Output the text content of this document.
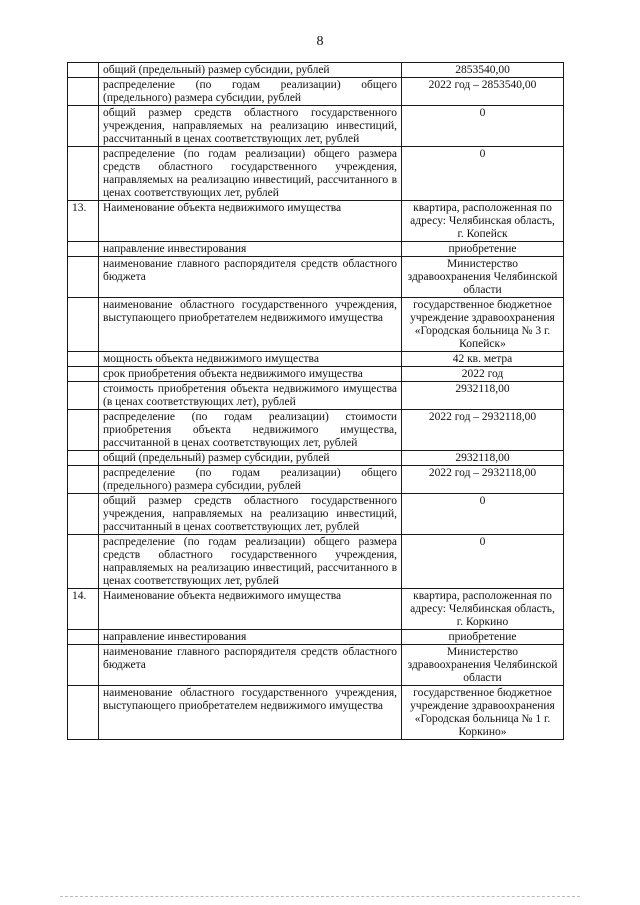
8
	общий (предельный) размер субсидии, рублей	2853540,00
	распределение (по годам реализации) общего (предельного) размера субсидии, рублей	2022 год – 2853540,00
	общий размер средств областного государственного учреждения, направляемых на реализацию инвестиций, рассчитанный в ценах соответствующих лет, рублей	0
	распределение (по годам реализации) общего размера средств областного государственного учреждения, направляемых на реализацию инвестиций, рассчитанного в ценах соответствующих лет, рублей	0
13.	Наименование объекта недвижимого имущества	квартира, расположенная по адресу: Челябинская область, г. Копейск
	направление инвестирования	приобретение
	наименование главного распорядителя средств областного бюджета	Министерство здравоохранения Челябинской области
	наименование областного государственного учреждения, выступающего приобретателем недвижимого имущества	государственное бюджетное учреждение здравоохранения «Городская больница № 3 г. Копейск»
	мощность объекта недвижимого имущества	42 кв. метра
	срок приобретения объекта недвижимого имущества	2022 год
	стоимость приобретения объекта недвижимого имущества (в ценах соответствующих лет), рублей	2932118,00
	распределение (по годам реализации) стоимости приобретения объекта недвижимого имущества, рассчитанной в ценах соответствующих лет, рублей	2022 год – 2932118,00
	общий (предельный) размер субсидии, рублей	2932118,00
	распределение (по годам реализации) общего (предельного) размера субсидии, рублей	2022 год – 2932118,00
	общий размер средств областного государственного учреждения, направляемых на реализацию инвестиций, рассчитанный в ценах соответствующих лет, рублей	0
	распределение (по годам реализации) общего размера средств областного государственного учреждения, направляемых на реализацию инвестиций, рассчитанного в ценах соответствующих лет, рублей	0
14.	Наименование объекта недвижимого имущества	квартира, расположенная по адресу: Челябинская область, г. Коркино
	направление инвестирования	приобретение
	наименование главного распорядителя средств областного бюджета	Министерство здравоохранения Челябинской области
	наименование областного государственного учреждения, выступающего приобретателем недвижимого имущества	государственное бюджетное учреждение здравоохранения «Городская больница № 1 г. Коркино»
